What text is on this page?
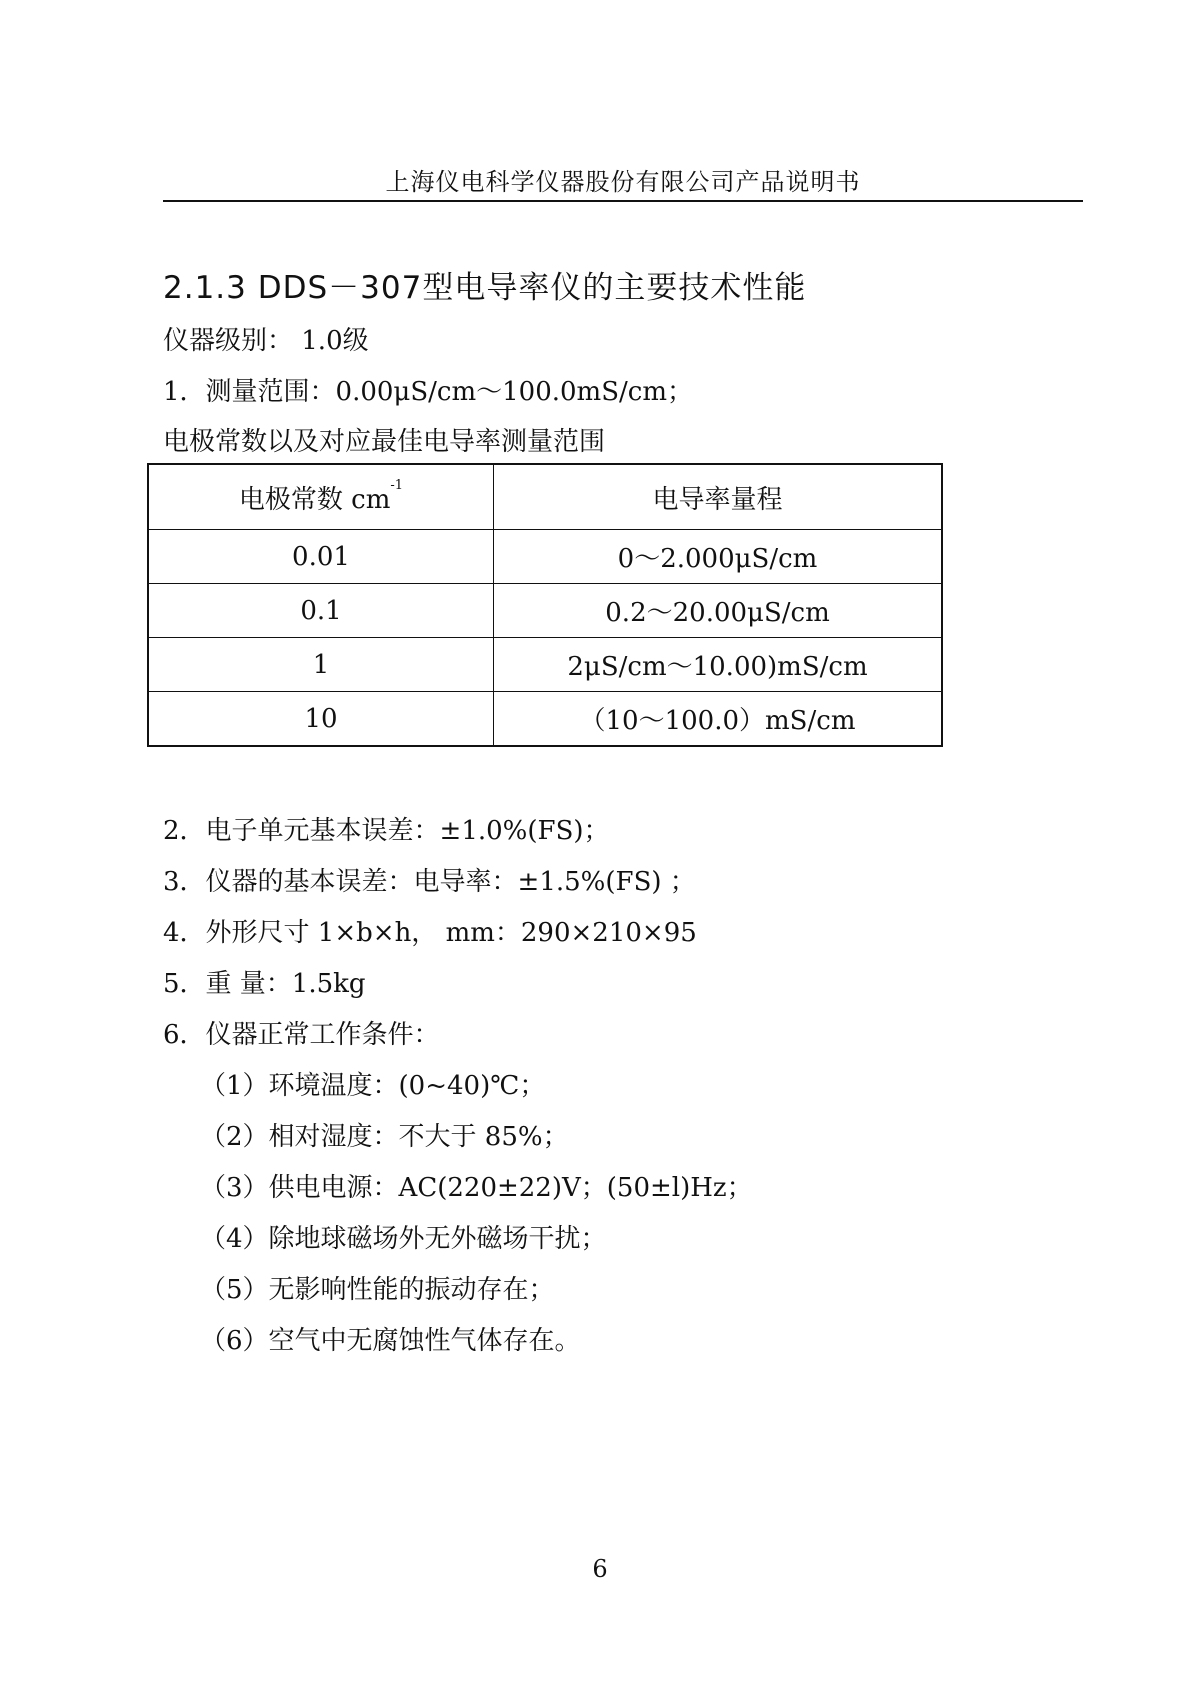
上海仪电科学仪器股份有限公司产品说明书
2.1.3 DDS－307型电导率仪的主要技术性能
仪器级别： 1.0级
1．测量范围：0.00μS/cm～100.0mS/cm；
电极常数以及对应最佳电导率测量范围
电极常数 $cm^{-1}$	电导率量程
0.01	0～2.000μS/cm
0.1	0.2～20.00μS/cm
1	2μS/cm～10.00)mS/cm
10	（10～100.0）mS/cm
2．电子单元基本误差：±1.0%(FS)；
3．仪器的基本误差：电导率：±1.5%(FS) ；
4．外形尺寸 1×b×h， mm：290×210×95
5．重 量：1.5kg
6．仪器正常工作条件：
（1）环境温度：(0~40)℃；
（2）相对湿度：不大于 85%；
（3）供电电源：AC(220±22)V；(50±l)Hz；
（4）除地球磁场外无外磁场干扰；
（5）无影响性能的振动存在；
（6）空气中无腐蚀性气体存在。
6
